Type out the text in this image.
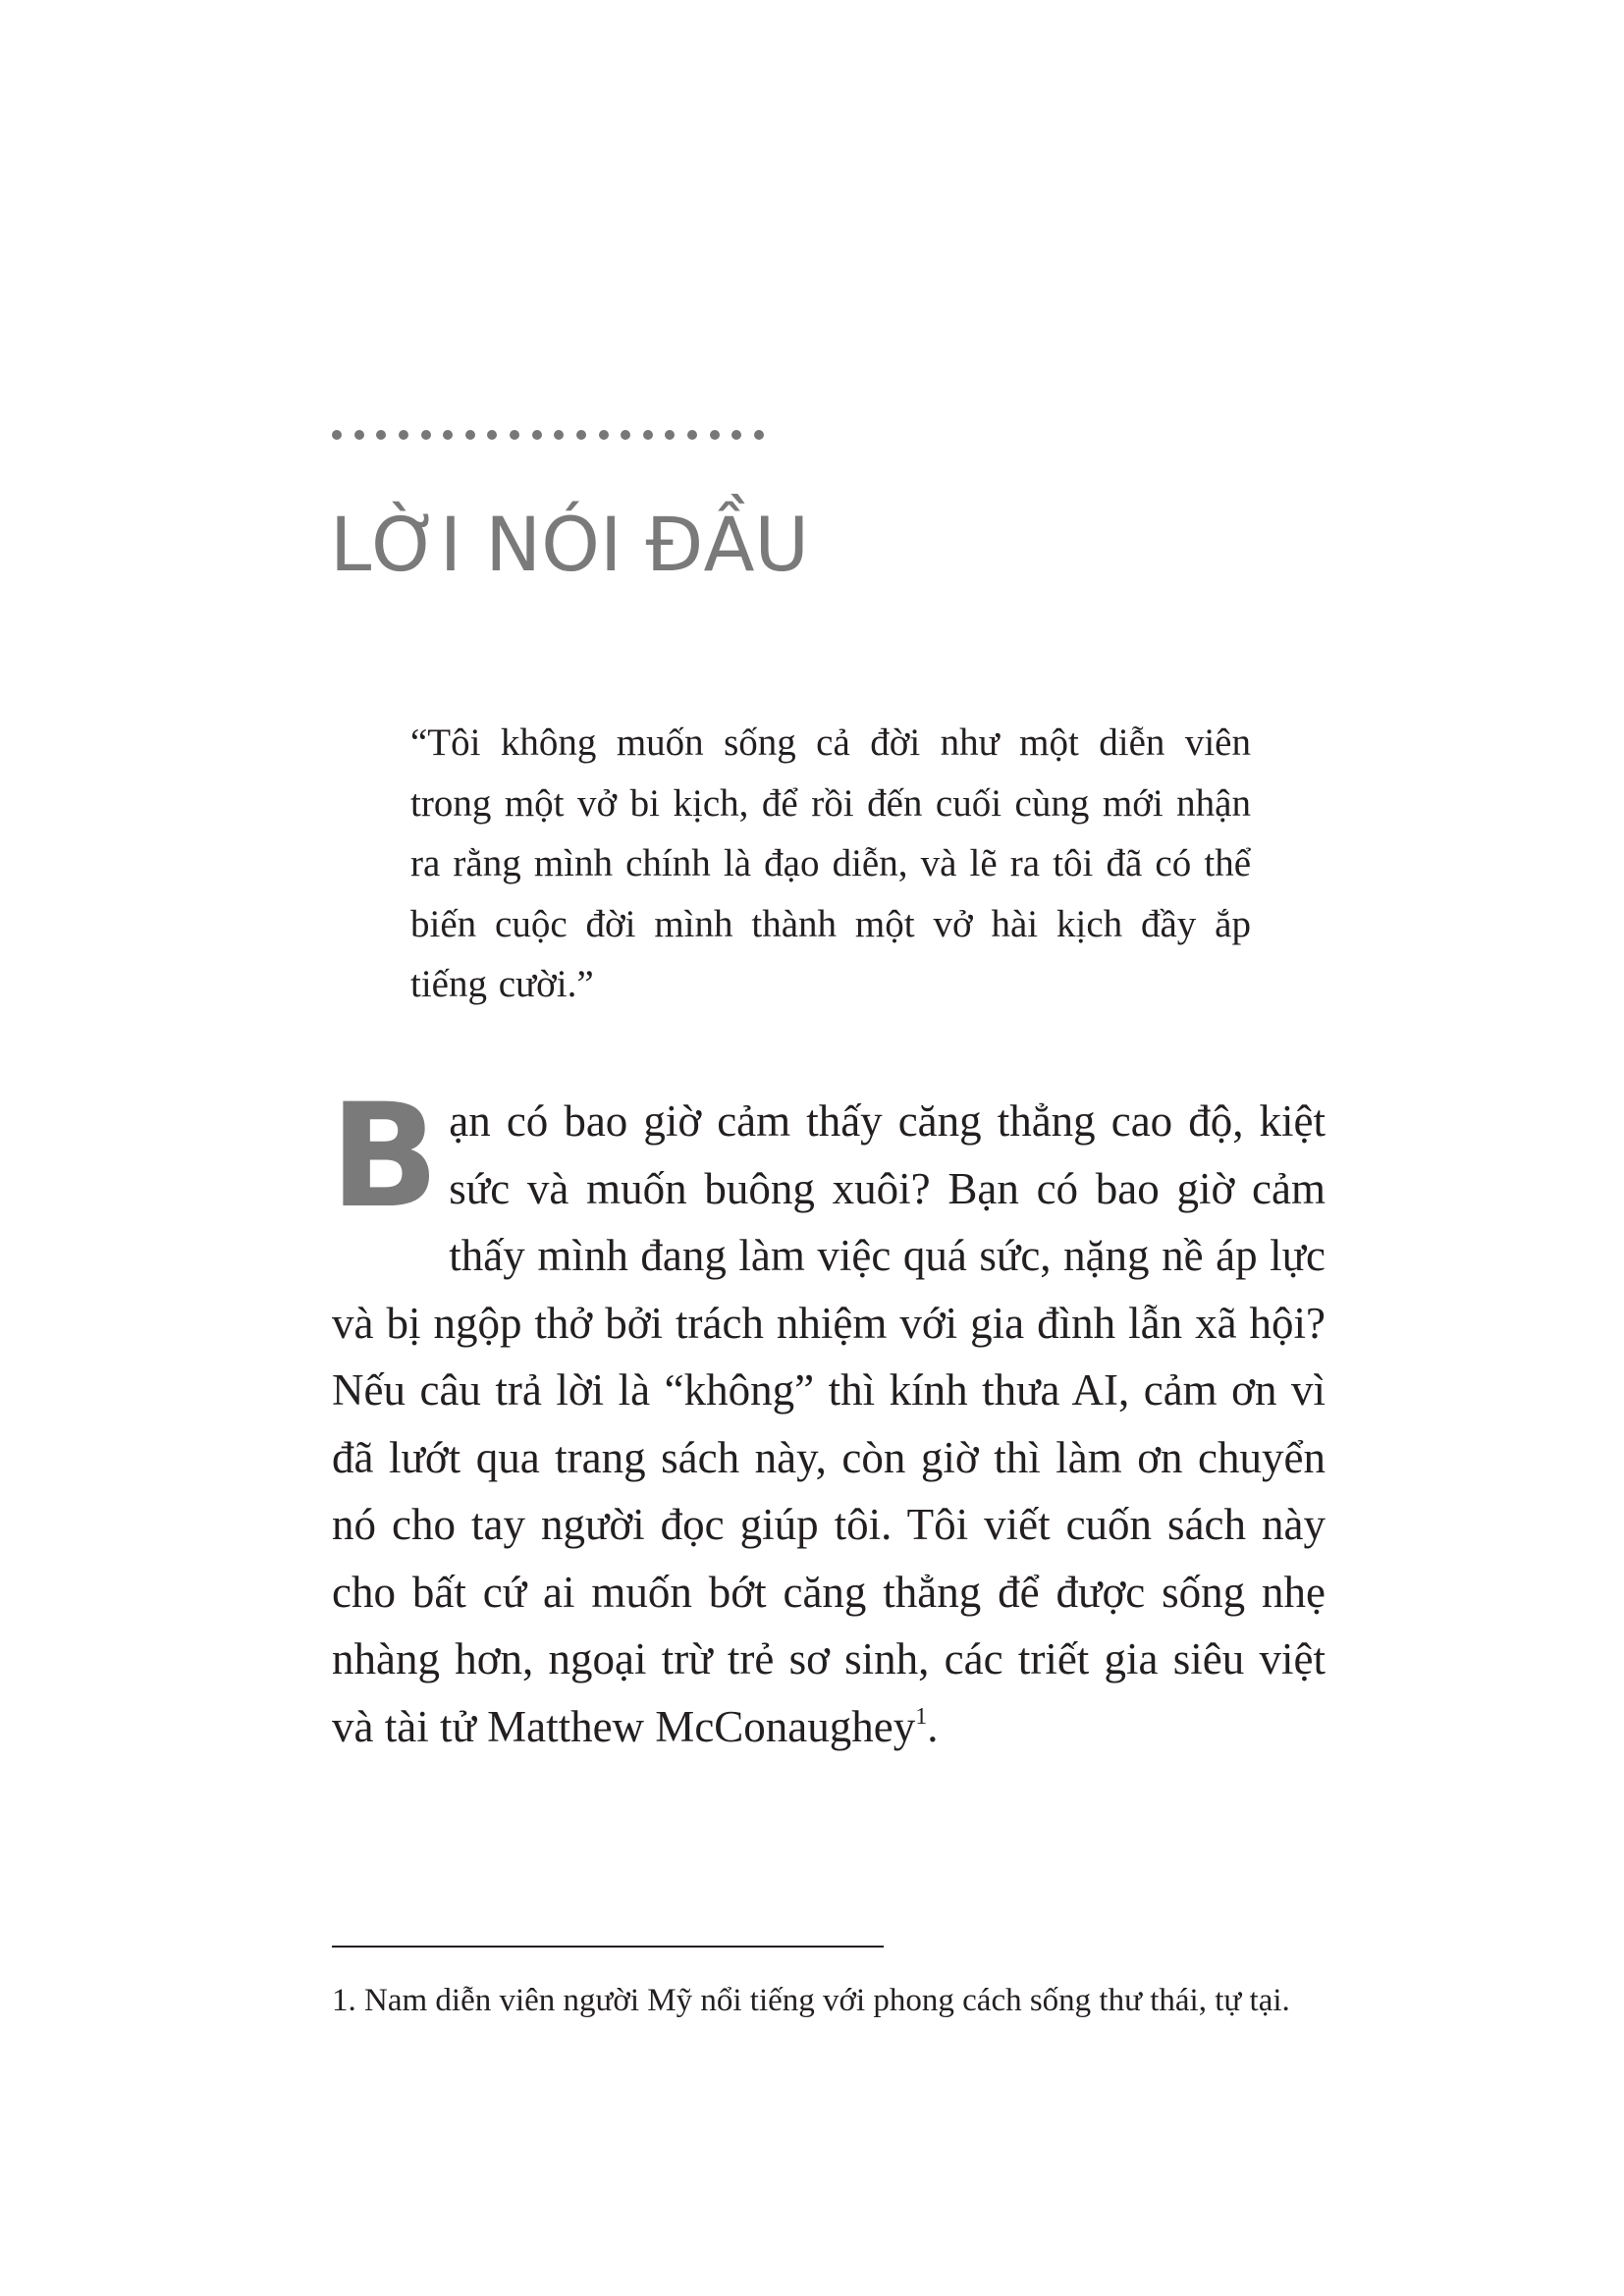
LỜI NÓI ĐẦU

“Tôi không muốn sống cả đời như một diễn viên trong một vở bi kịch, để rồi đến cuối cùng mới nhận ra rằng mình chính là đạo diễn, và lẽ ra tôi đã có thể biến cuộc đời mình thành một vở hài kịch đầy ắp tiếng cười.”

Bạn có bao giờ cảm thấy căng thẳng cao độ, kiệt sức và muốn buông xuôi? Bạn có bao giờ cảm thấy mình đang làm việc quá sức, nặng nề áp lực và bị ngộp thở bởi trách nhiệm với gia đình lẫn xã hội? Nếu câu trả lời là “không” thì kính thưa AI, cảm ơn vì đã lướt qua trang sách này, còn giờ thì làm ơn chuyển nó cho tay người đọc giúp tôi. Tôi viết cuốn sách này cho bất cứ ai muốn bớt căng thẳng để được sống nhẹ nhàng hơn, ngoại trừ trẻ sơ sinh, các triết gia siêu việt và tài tử Matthew McConaughey$^1$.

1. Nam diễn viên người Mỹ nổi tiếng với phong cách sống thư thái, tự tại.
